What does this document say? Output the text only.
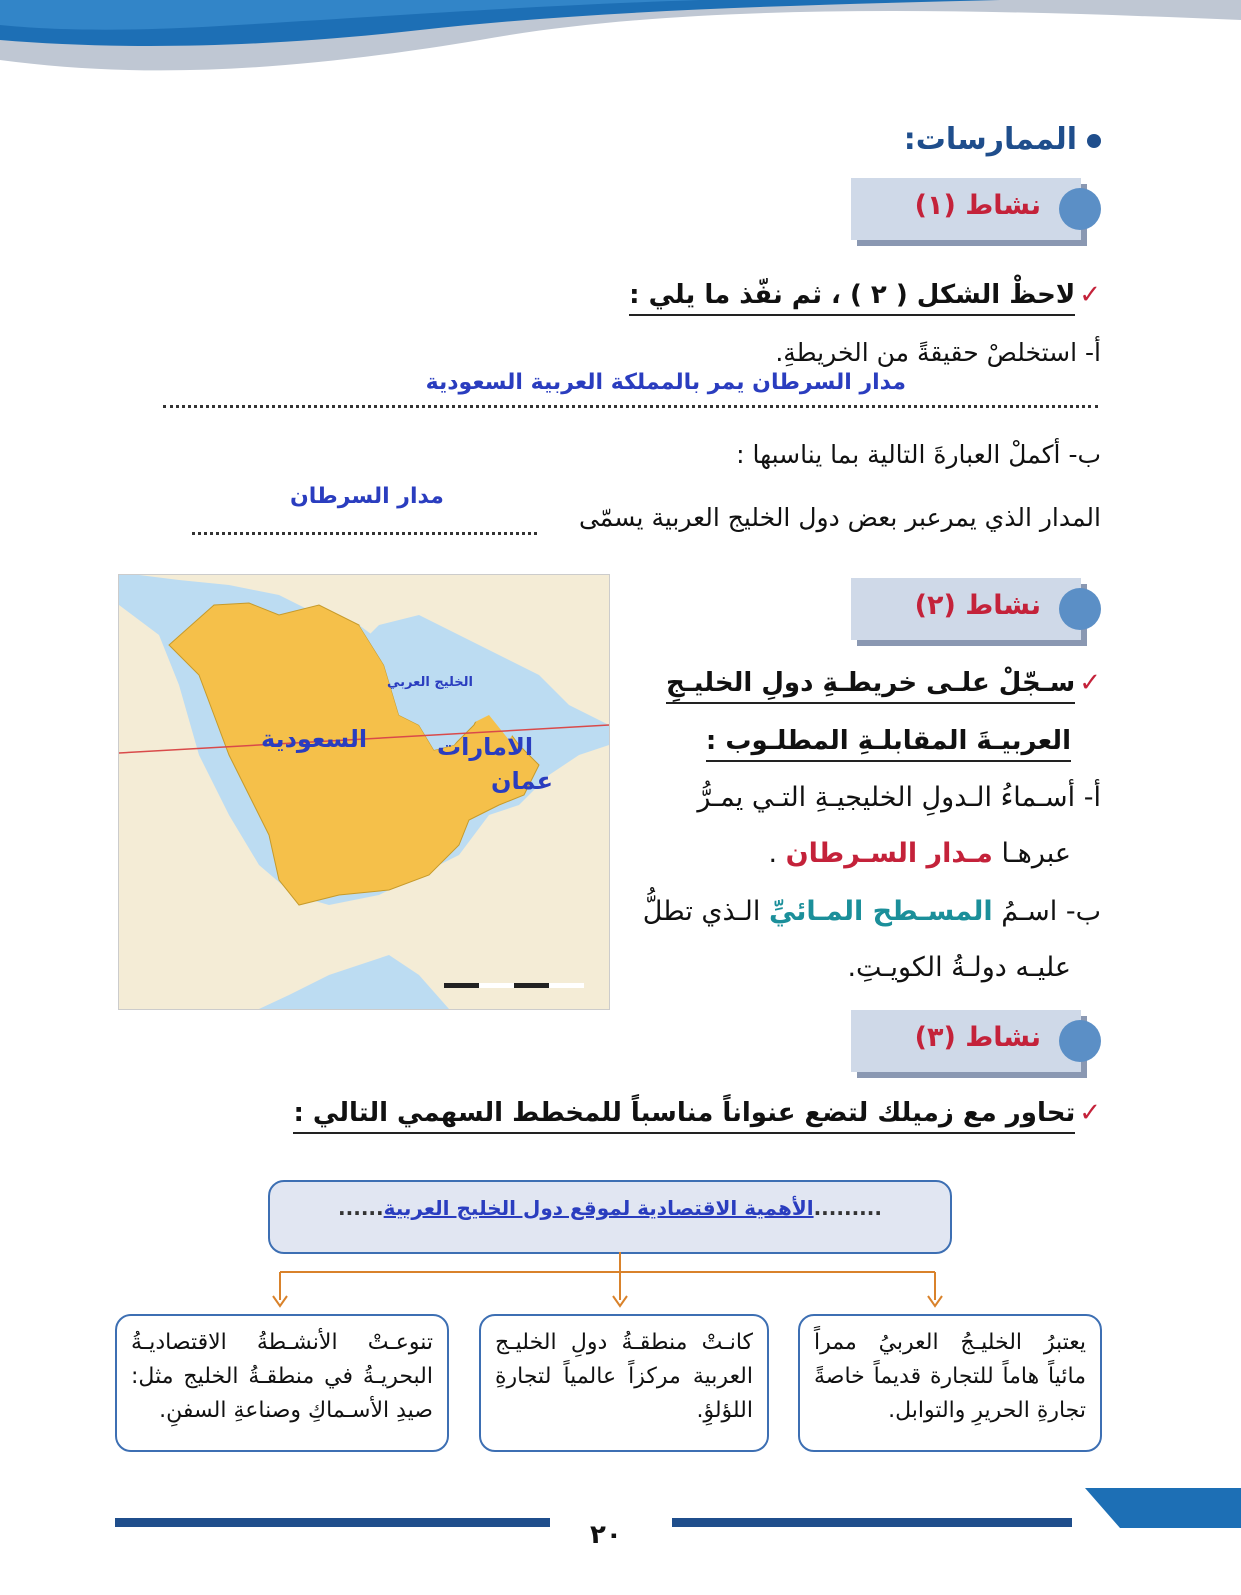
الممارسات:
نشاط (١)
✓لاحظْ الشكل ( ٢ ) ، ثم نفّذ ما يلي :
أ- استخلصْ حقيقةً من الخريطةِ.
مدار السرطان يمر بالمملكة العربية السعودية
ب- أكملْ العبارةَ التالية بما يناسبها :
مدار السرطان
المدار الذي يمرعبر بعض دول الخليج العربية يسمّى
السعودية
الخليج العربي
الامارات
عمان
نشاط (٢)
✓سـجّلْ علـى خريطـةِ دولِ الخليـجِ
العربيـةَ المقابلـةِ المطلـوب :
أ- أسـماءُ الـدولِ الخليجيـةِ التـي يمـرُّ
عبرهـا مـدار السـرطان .
ب- اسـمُ المسـطح المـائيِّ الـذي تطلُّ
عليـه دولـةُ الكويـتِ.
نشاط (٣)
✓تحاور مع زميلك لتضع عنواناً مناسباً للمخطط السهمي التالي :
.........الأهمية الاقتصادية لموقع دول الخليج العربية......
يعتبرُ الخليـجُ العربيُ ممراً مائياً هاماً للتجارة قديماً خاصةً تجارةِ الحريرِ والتوابل.
كانـتْ منطقـةُ دولِ الخليـج العربية مركزاً عالمياً لتجارةِ اللؤلؤِ.
تنوعـتْ الأنشـطةُ الاقتصاديـةُ البحريـةُ في منطقـةُ الخليج مثل: صيدِ الأسـماكِ وصناعةِ السفنِ.
٢٠
